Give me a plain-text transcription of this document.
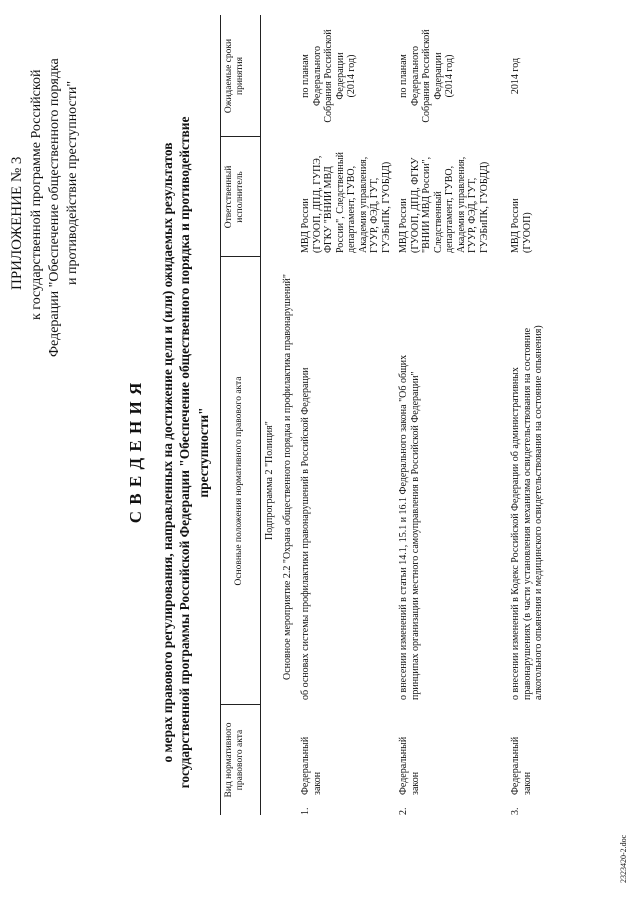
ПРИЛОЖЕНИЕ № 3 к государственной программе Российской Федерации "Обеспечение общественного порядка и противодействие преступности"
С В Е Д Е Н И Я о мерах правового регулирования, направленных на достижение цели и (или) ожидаемых результатов государственной программы Российской Федерации "Обеспечение общественного порядка и противодействие преступности"
Вид нормативного правового акта
Основные положения нормативного правового акта
Ответственный исполнитель
Ожидаемые сроки принятия
Подпрограмма 2 "Полиция" Основное мероприятие 2.2 "Охрана общественного порядка и профилактика правонарушений"
1.
Федеральный закон
об основах системы профилактики правонарушений в Российской Федерации
МВД России (ГУООП, ДПД, ГУПЭ, ФГКУ "ВНИИ МВД России", Следственный департамент, ГУВО, Академия управления, ГУУР, ФЭД, ГУТ, ГУЭБиПК, ГУОБДД)
по планам Федерального Собрания Российской Федерации (2014 год)
2.
Федеральный закон
о внесении изменений в статьи 14.1, 15.1 и 16.1 Федерального закона "Об общих принципах организации местного самоуправления в Российской Федерации"
МВД России (ГУООП, ДПД, ФГКУ "ВНИИ МВД России", Следственный департамент, ГУВО, Академия управления, ГУУР, ФЭД, ГУТ, ГУЭБиПК, ГУОБДД)
по планам Федерального Собрания Российской Федерации (2014 год)
3.
Федеральный закон
о внесении изменений в Кодекс Российской Федерации об административных правонарушениях (в части установления механизма освидетельствования на состояние алкогольного опьянения и медицинского освидетельствования на состояние опьянения)
МВД России (ГУООП)
2014 год
2323420-2.doc
